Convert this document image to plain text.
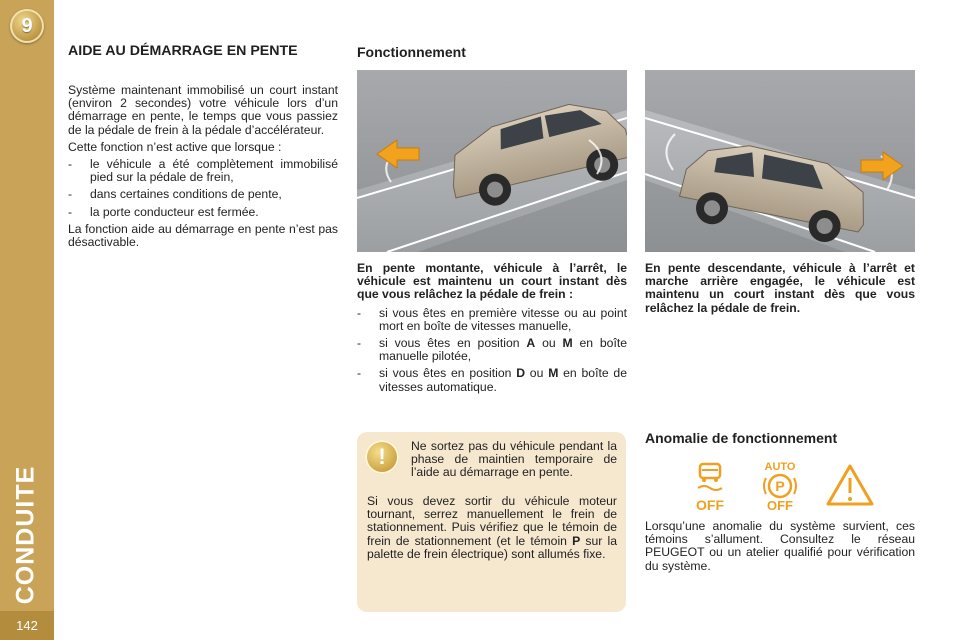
9
CONDUITE
142
AIDE AU DÉMARRAGE EN PENTE

Système maintenant immobilisé un court instant (environ 2 secondes) votre véhicule lors d’un démarrage en pente, le temps que vous passiez de la pédale de frein à la pédale d’accélérateur.

Cette fonction n’est active que lorsque :

- le véhicule a été complètement immobilisé pied sur la pédale de frein,

- dans certaines conditions de pente,

- la porte conducteur est fermée.

La fonction aide au démarrage en pente n’est pas désactivable.

Fonctionnement

En pente montante, véhicule à l’arrêt, le véhicule est maintenu un court instant dès que vous relâchez la pédale de frein :

- si vous êtes en première vitesse ou au point mort en boîte de vitesses manuelle,

- si vous êtes en position A ou M en boîte manuelle pilotée,

- si vous êtes en position D ou M en boîte de vitesses automatique.

En pente descendante, véhicule à l’arrêt et marche arrière engagée, le véhicule est maintenu un court instant dès que vous relâchez la pédale de frein.

!	Ne sortez pas du véhicule pendant la phase de maintien temporaire de l’aide au démarrage en pente.

Si vous devez sortir du véhicule moteur tournant, serrez manuellement le frein de stationnement. Puis vérifiez que le témoin de frein de stationnement (et le témoin P sur la palette de frein électrique) sont allumés fixe.

Anomalie de fonctionnement
OFF
AUTO
P
OFF

Lorsqu’une anomalie du système survient, ces témoins s’allument. Consultez le réseau PEUGEOT ou un atelier qualifié pour vérification du système.
